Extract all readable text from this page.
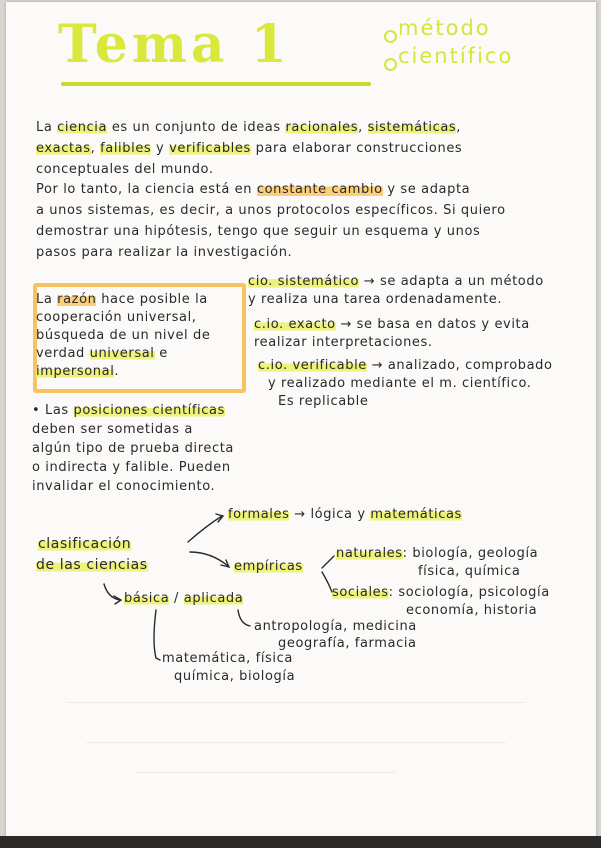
Tema 1	método
científico
La ciencia es un conjunto de ideas racionales, sistemáticas,
exactas, falibles y verificables para elaborar construcciones
conceptuales del mundo.
Por lo tanto, la ciencia está en constante cambio y se adapta
a unos sistemas, es decir, a unos protocolos específicos. Si quiero
demostrar una hipótesis, tengo que seguir un esquema y unos
pasos para realizar la investigación.
La razón hace posible la
cooperación universal,
búsqueda de un nivel de
verdad universal e
impersonal.
cio. sistemático → se adapta a un método
y realiza una tarea ordenadamente.
c.io. exacto → se basa en datos y evita
realizar interpretaciones.
c.io. verificable → analizado, comprobado
y realizado mediante el m. científico.
Es replicable
• Las posiciones científicas
deben ser sometidas a
algún tipo de prueba directa
o indirecta y falible. Pueden
invalidar el conocimiento.
clasificación
de las ciencias
formales → lógica y matemáticas
empíricas
naturales: biología, geología
física, química
sociales: sociología, psicología
economía, historia
básica / aplicada
antropología, medicina
geografía, farmacia
matemática, física
química, biología
